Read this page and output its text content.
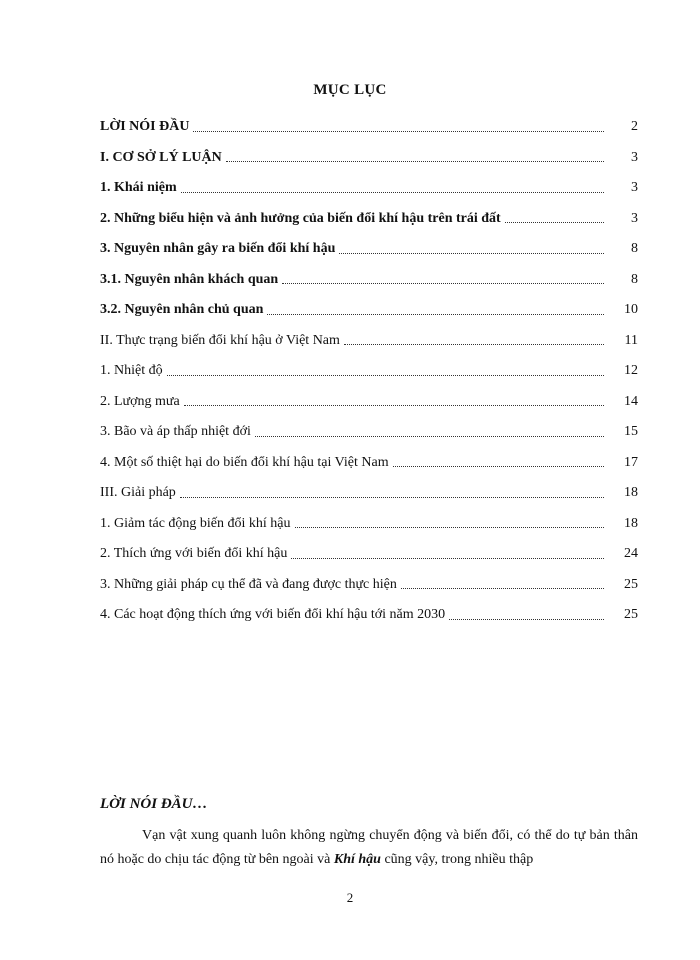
MỤC LỤC
LỜI NÓI ĐẦU	2
I. CƠ SỞ LÝ LUẬN	3
1. Khái niệm	3
2. Những biểu hiện và ảnh hưởng của biến đổi khí hậu trên trái đất	3
3. Nguyên nhân gây ra biến đổi khí hậu	8
3.1. Nguyên nhân khách quan	8
3.2. Nguyên nhân chủ quan	10
II. Thực trạng biến đổi khí hậu ở Việt Nam	11
1. Nhiệt độ	12
2. Lượng mưa	14
3. Bão và áp thấp nhiệt đới	15
4. Một số thiệt hại do biến đổi khí hậu tại Việt Nam	17
III. Giải pháp	18
1. Giảm tác động biến đổi khí hậu	18
2. Thích ứng với biến đổi khí hậu	24
3. Những giải pháp cụ thể đã và đang được thực hiện	25
4. Các hoạt động thích ứng với biến đổi khí hậu tới năm 2030	25
LỜI NÓI ĐẦU…
Vạn vật xung quanh luôn không ngừng chuyển động và biến đổi, có thể do tự bản thân nó hoặc do chịu tác động từ bên ngoài và Khí hậu cũng vậy, trong nhiều thập
2
